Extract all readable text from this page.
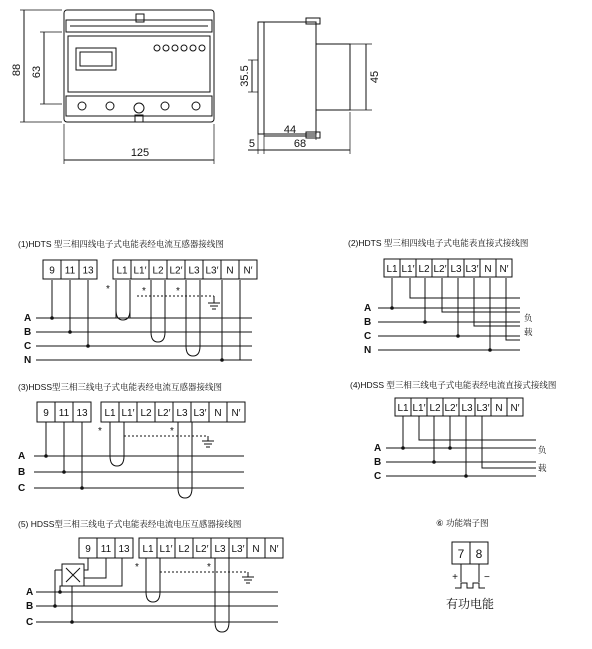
88 63
125
35.5	45
44
68
5
(1)HDTS 型三相四线电子式电能表经电流互感器接线图
9 11 13 L1 L1′ L2 L2′ L3 L3′ N N′
*	*	*
A
B
C
N
(2)HDTS 型三相四线电子式电能表直接式接线图
L1 L1′ L2 L2′ L3 L3′ N N′
A
B
C
N
负
载
(3)HDSS型三相三线电子式电能表经电流互感器接线图
9 11 13 L1 L1′ L2 L2′ L3 L3′ N N′
*	*
A
B
C
(4)HDSS 型三相三线电子式电能表经电流直接式接线图
L1 L1′ L2 L2′ L3 L3′ N N′
A
B
C
负
载
(5) HDSS型三相三线电子式电能表经电流电压互感器接线图
9 11 13 L1 L1′ L2 L2′ L3 L3′ N N′
*	*
A
B
C
⑥ 功能端子图
7 8
+	−
有功电能
